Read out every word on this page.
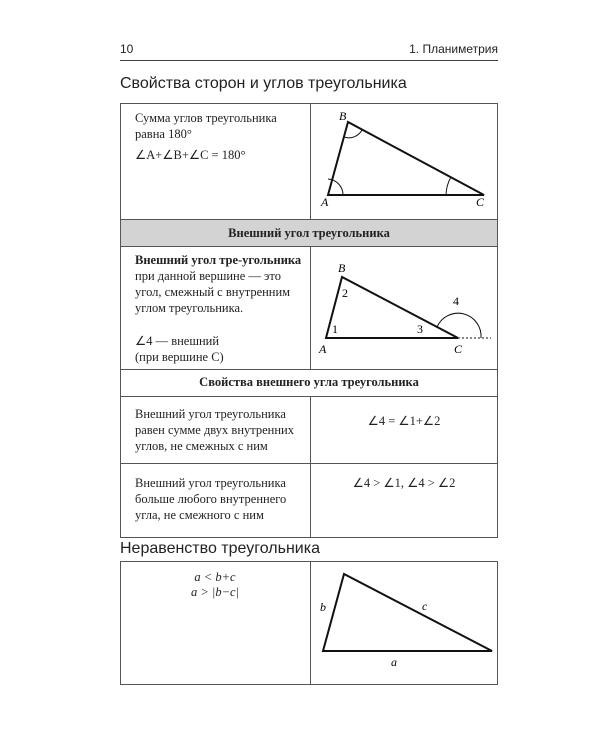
10	1. Планиметрия
Свойства сторон и углов треугольника
Внешний угол треугольника
Свойства внешнего угла треугольника
Сумма углов треугольника равна 180°
∠A+∠B+∠C = 180°
A
B
C
Внешний угол тре-угольника при данной вершине — это угол, смежный с внутренним углом треугольника.
∠4 — внешний
(при вершине C)
1
2
3
4
A
B
C
Внешний угол треугольника равен сумме двух внутренних углов, не смежных с ним
∠4 = ∠1+∠2
Внешний угол треугольника больше любого внутреннего угла, не смежного с ним
∠4 > ∠1, ∠4 > ∠2
Неравенство треугольника
a < b+c
a > |b−c|
a
b	c
